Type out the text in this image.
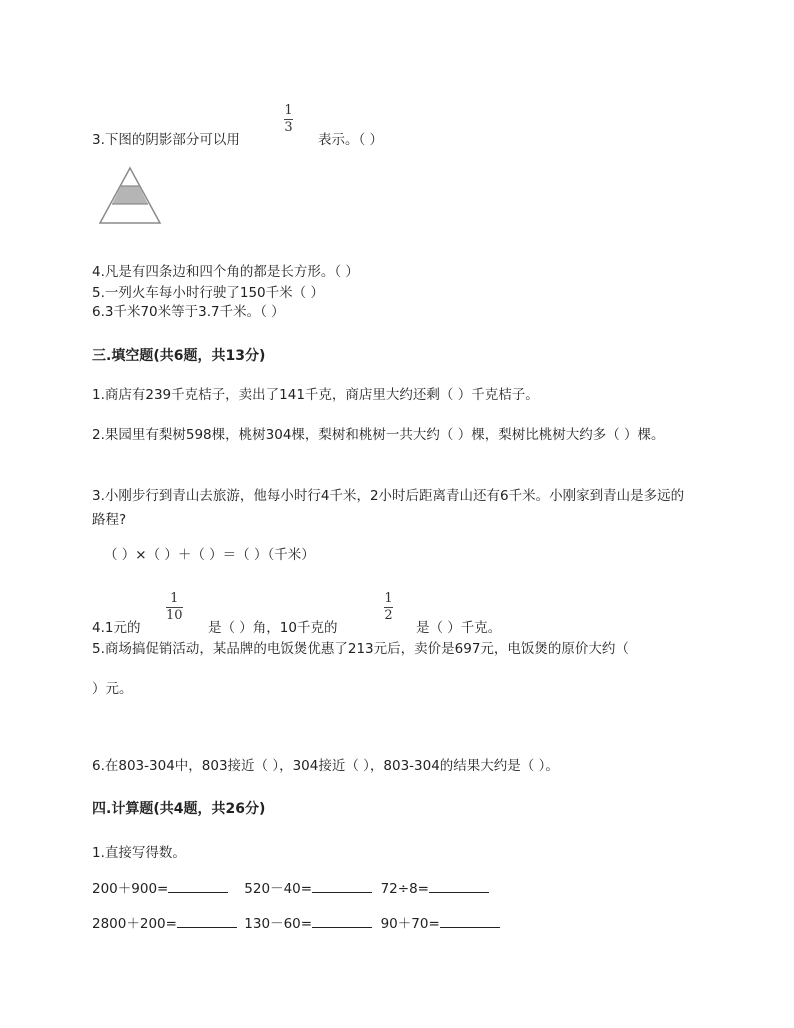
3.下图的阴影部分可以用
1
3
表示。（ ）
4.凡是有四条边和四个角的都是长方形。（ ）
5.一列火车每小时行驶了150千米（ ）
6.3千米70米等于3.7千米。（ ）
三.填空题(共6题，共13分)
1.商店有239千克桔子，卖出了141千克，商店里大约还剩（ ）千克桔子。
2.果园里有梨树598棵，桃树304棵，梨树和桃树一共大约（ ）棵，梨树比桃树大约多（ ）棵。
3.小刚步行到青山去旅游，他每小时行4千米，2小时后距离青山还有6千米。小刚家到青山是多远的路程?
（ ）×（ ）＋（ ）＝（ ）（千米）
4.1元的
1
10
是（ ）角，10千克的
1
2
是（ ）千克。
5.商场搞促销活动，某品牌的电饭煲优惠了213元后，卖价是697元，电饭煲的原价大约（
）元。
6.在803-304中，803接近（ ），304接近（ ），803-304的结果大约是（ ）。
四.计算题(共4题，共26分)
1.直接写得数。
200＋900=	520－40=	72÷8=
2800＋200=	130－60=	90＋70=
